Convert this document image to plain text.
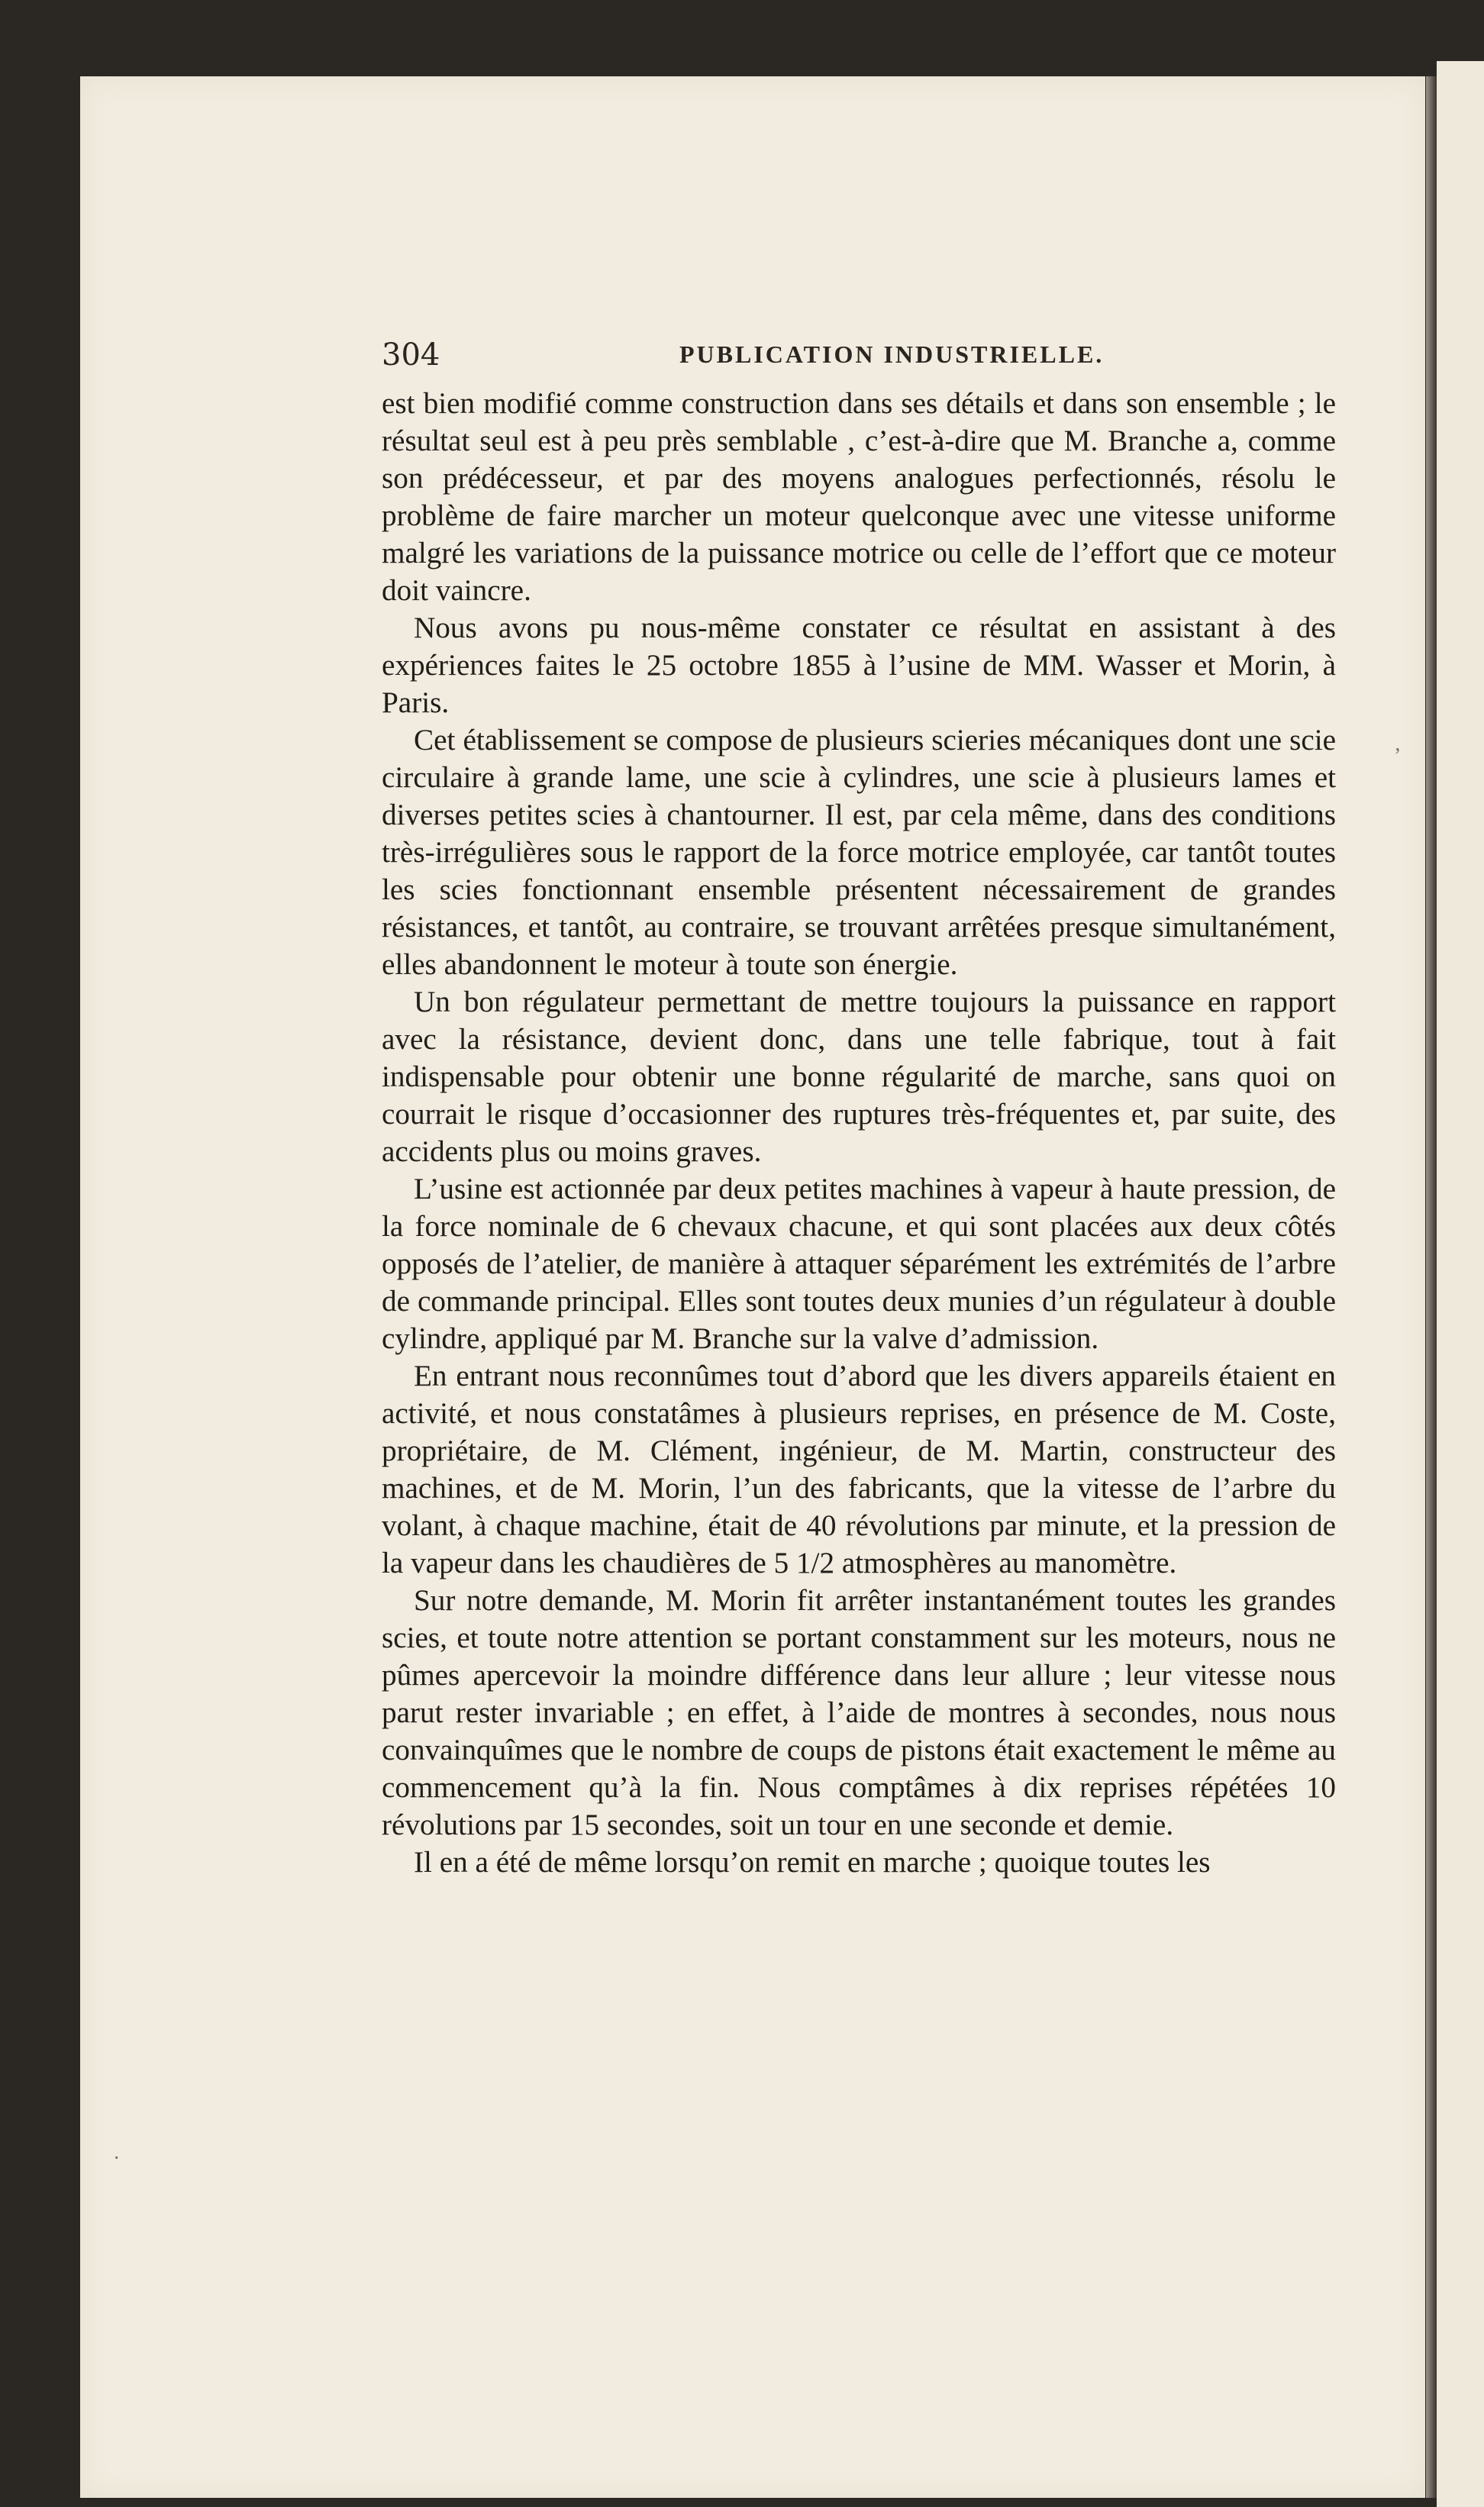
304	PUBLICATION INDUSTRIELLE.

est bien modifié comme construction dans ses détails et dans son ensemble ; le résultat seul est à peu près semblable , c’est-à-dire que M. Branche a, comme son prédécesseur, et par des moyens analogues perfectionnés, résolu le problème de faire marcher un moteur quelconque avec une vitesse uniforme malgré les variations de la puissance motrice ou celle de l’effort que ce moteur doit vaincre.

Nous avons pu nous-même constater ce résultat en assistant à des expériences faites le 25 octobre 1855 à l’usine de MM. Wasser et Morin, à Paris.

Cet établissement se compose de plusieurs scieries mécaniques dont une scie circulaire à grande lame, une scie à cylindres, une scie à plusieurs lames et diverses petites scies à chantourner. Il est, par cela même, dans des conditions très-irrégulières sous le rapport de la force motrice employée, car tantôt toutes les scies fonctionnant ensemble présentent nécessairement de grandes résistances, et tantôt, au contraire, se trouvant arrêtées presque simultanément, elles abandonnent le moteur à toute son énergie.

Un bon régulateur permettant de mettre toujours la puissance en rapport avec la résistance, devient donc, dans une telle fabrique, tout à fait indispensable pour obtenir une bonne régularité de marche, sans quoi on courrait le risque d’occasionner des ruptures très-fréquentes et, par suite, des accidents plus ou moins graves.

L’usine est actionnée par deux petites machines à vapeur à haute pression, de la force nominale de 6 chevaux chacune, et qui sont placées aux deux côtés opposés de l’atelier, de manière à attaquer séparément les extrémités de l’arbre de commande principal. Elles sont toutes deux munies d’un régulateur à double cylindre, appliqué par M. Branche sur la valve d’admission.

En entrant nous reconnûmes tout d’abord que les divers appareils étaient en activité, et nous constatâmes à plusieurs reprises, en présence de M. Coste, propriétaire, de M. Clément, ingénieur, de M. Martin, constructeur des machines, et de M. Morin, l’un des fabricants, que la vitesse de l’arbre du volant, à chaque machine, était de 40 révolutions par minute, et la pression de la vapeur dans les chaudières de 5 1/2 atmosphères au manomètre.

Sur notre demande, M. Morin fit arrêter instantanément toutes les grandes scies, et toute notre attention se portant constamment sur les moteurs, nous ne pûmes apercevoir la moindre différence dans leur allure ; leur vitesse nous parut rester invariable ; en effet, à l’aide de montres à secondes, nous nous convainquîmes que le nombre de coups de pistons était exactement le même au commencement qu’à la fin. Nous comptâmes à dix reprises répétées 10 révolutions par 15 secondes, soit un tour en une seconde et demie.

Il en a été de même lorsqu’on remit en marche ; quoique toutes les

’
·
